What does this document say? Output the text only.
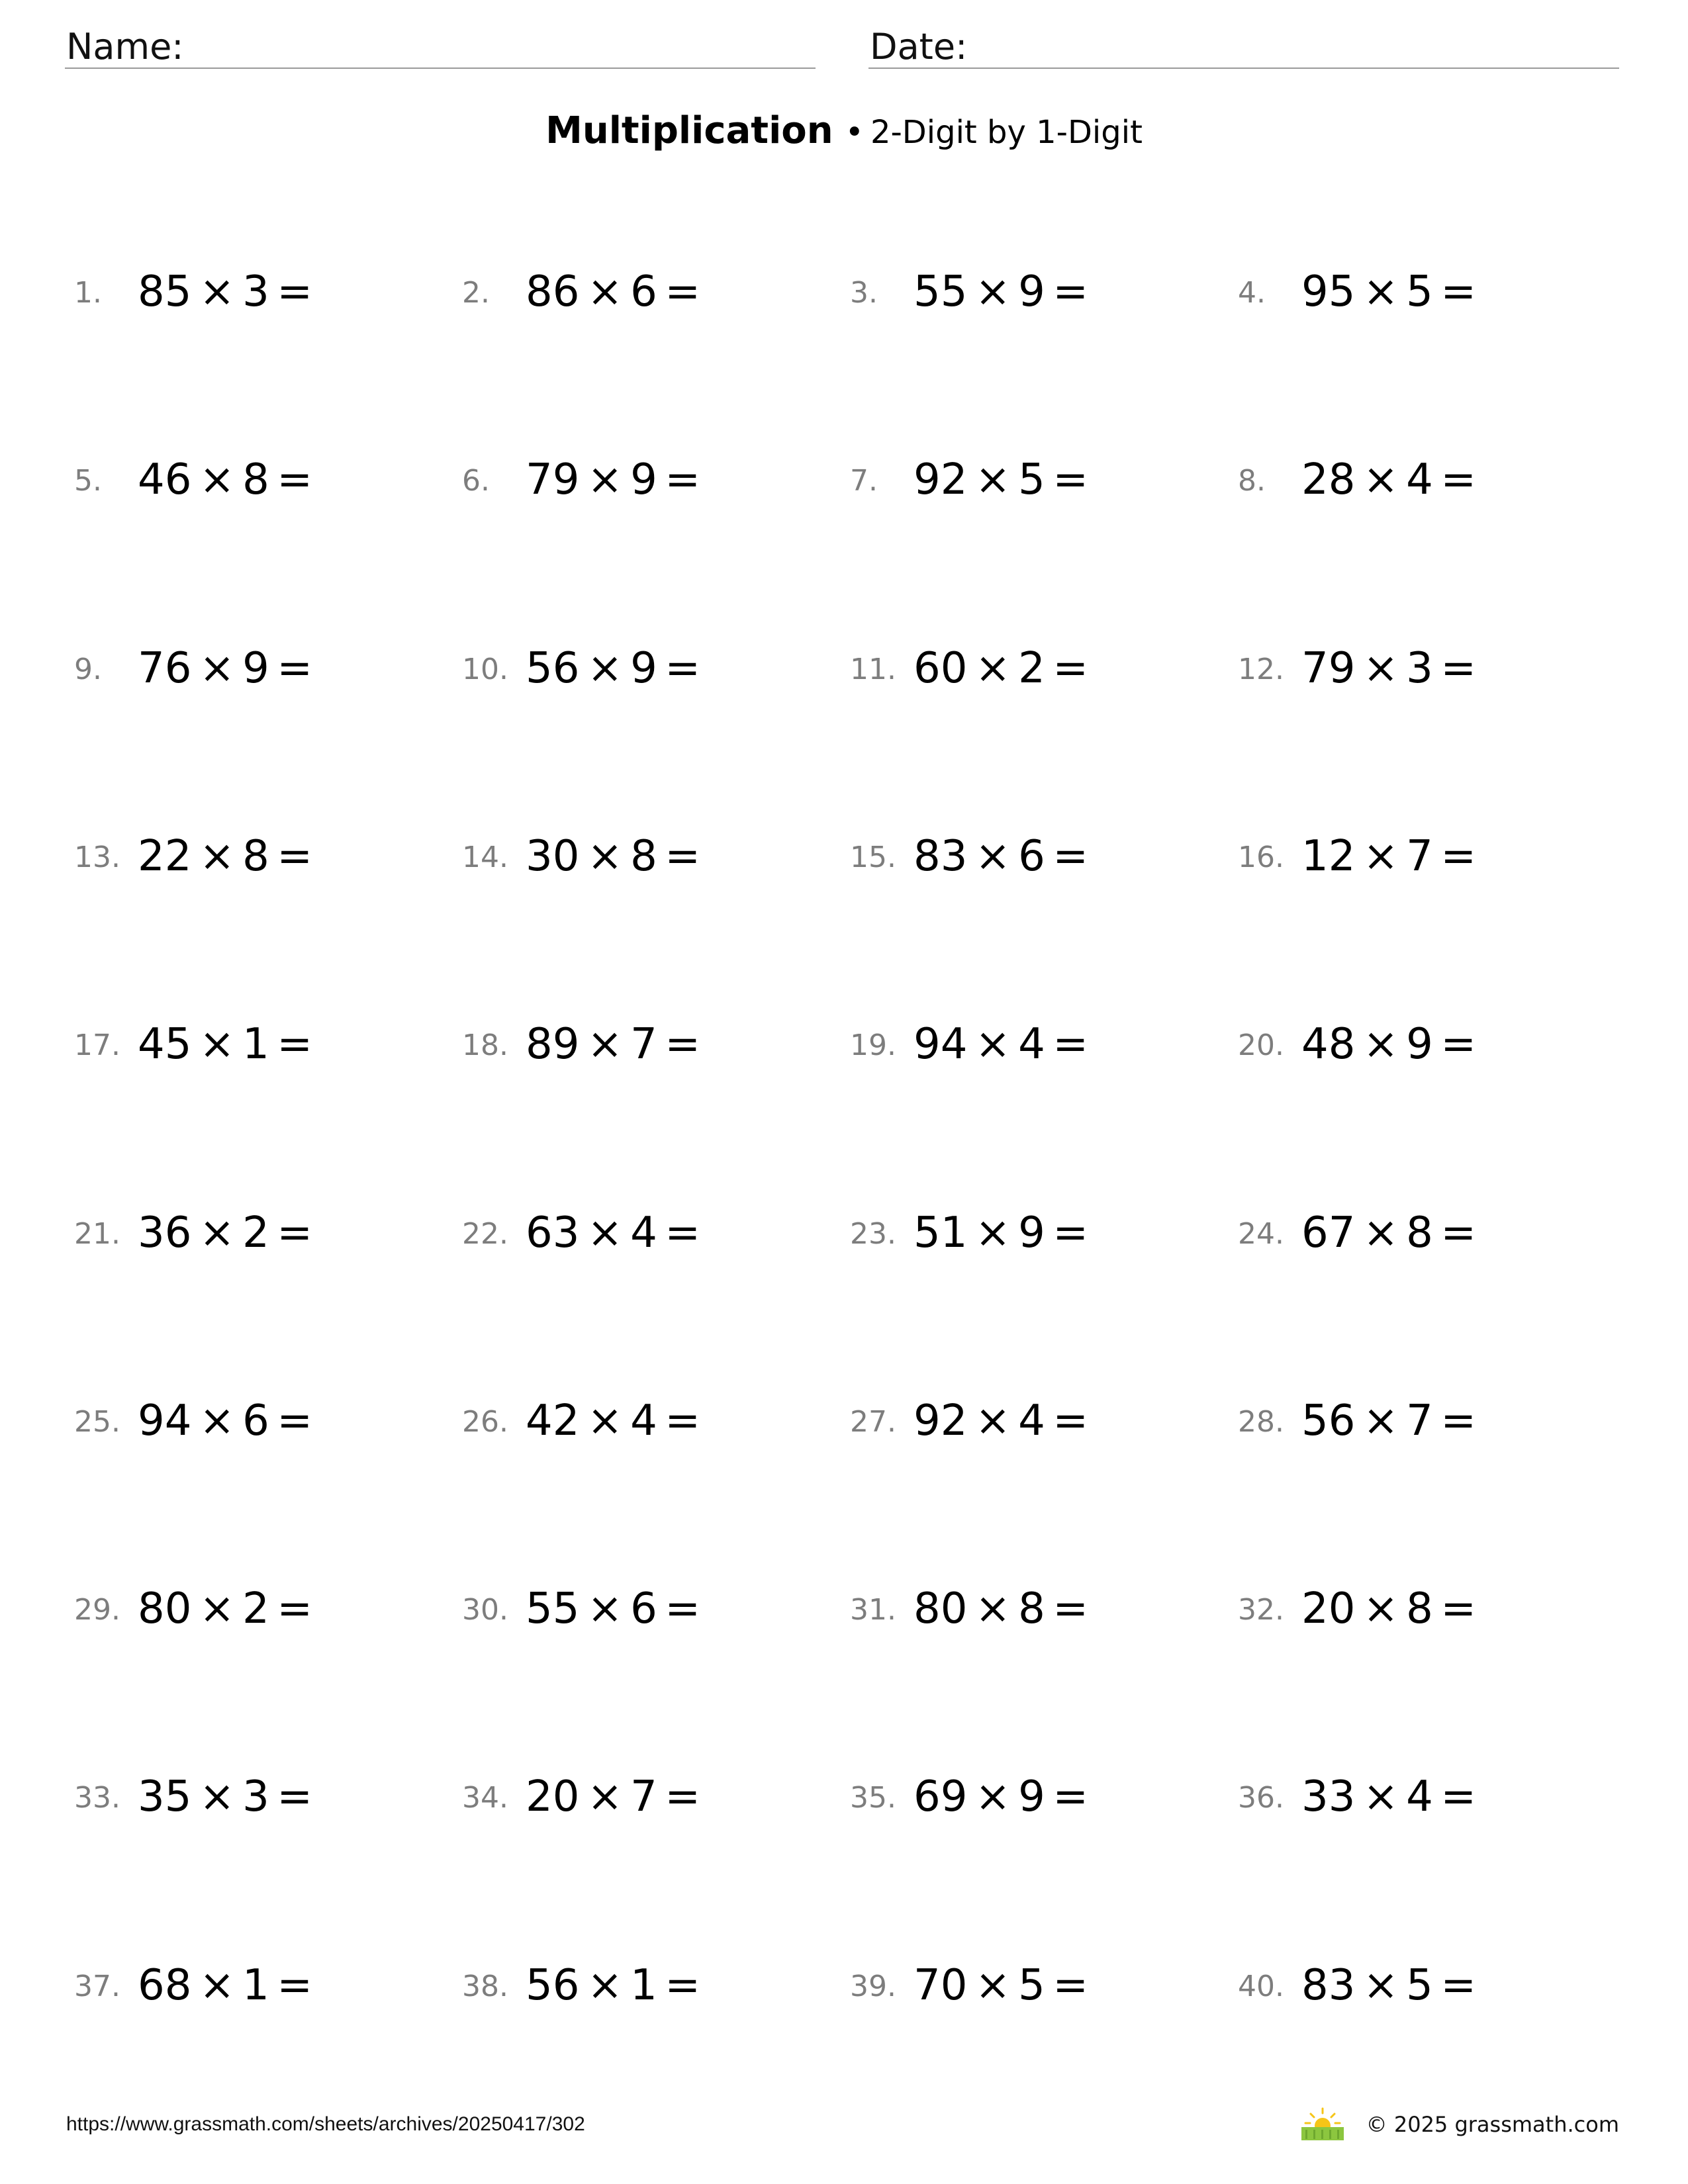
Name:	Date:
Multiplication • 2-Digit by 1-Digit
1. 85 × 3 =	2. 86 × 6 =	3. 55 × 9 =	4. 95 × 5 =
5. 46 × 8 =	6. 79 × 9 =	7. 92 × 5 =	8. 28 × 4 =
9. 76 × 9 =	10. 56 × 9 =	11. 60 × 2 =	12. 79 × 3 =
13. 22 × 8 =	14. 30 × 8 =	15. 83 × 6 =	16. 12 × 7 =
17. 45 × 1 =	18. 89 × 7 =	19. 94 × 4 =	20. 48 × 9 =
21. 36 × 2 =	22. 63 × 4 =	23. 51 × 9 =	24. 67 × 8 =
25. 94 × 6 =	26. 42 × 4 =	27. 92 × 4 =	28. 56 × 7 =
29. 80 × 2 =	30. 55 × 6 =	31. 80 × 8 =	32. 20 × 8 =
33. 35 × 3 =	34. 20 × 7 =	35. 69 × 9 =	36. 33 × 4 =
37. 68 × 1 =	38. 56 × 1 =	39. 70 × 5 =	40. 83 × 5 =
https://www.grassmath.com/sheets/archives/20250417/302	© 2025 grassmath.com
